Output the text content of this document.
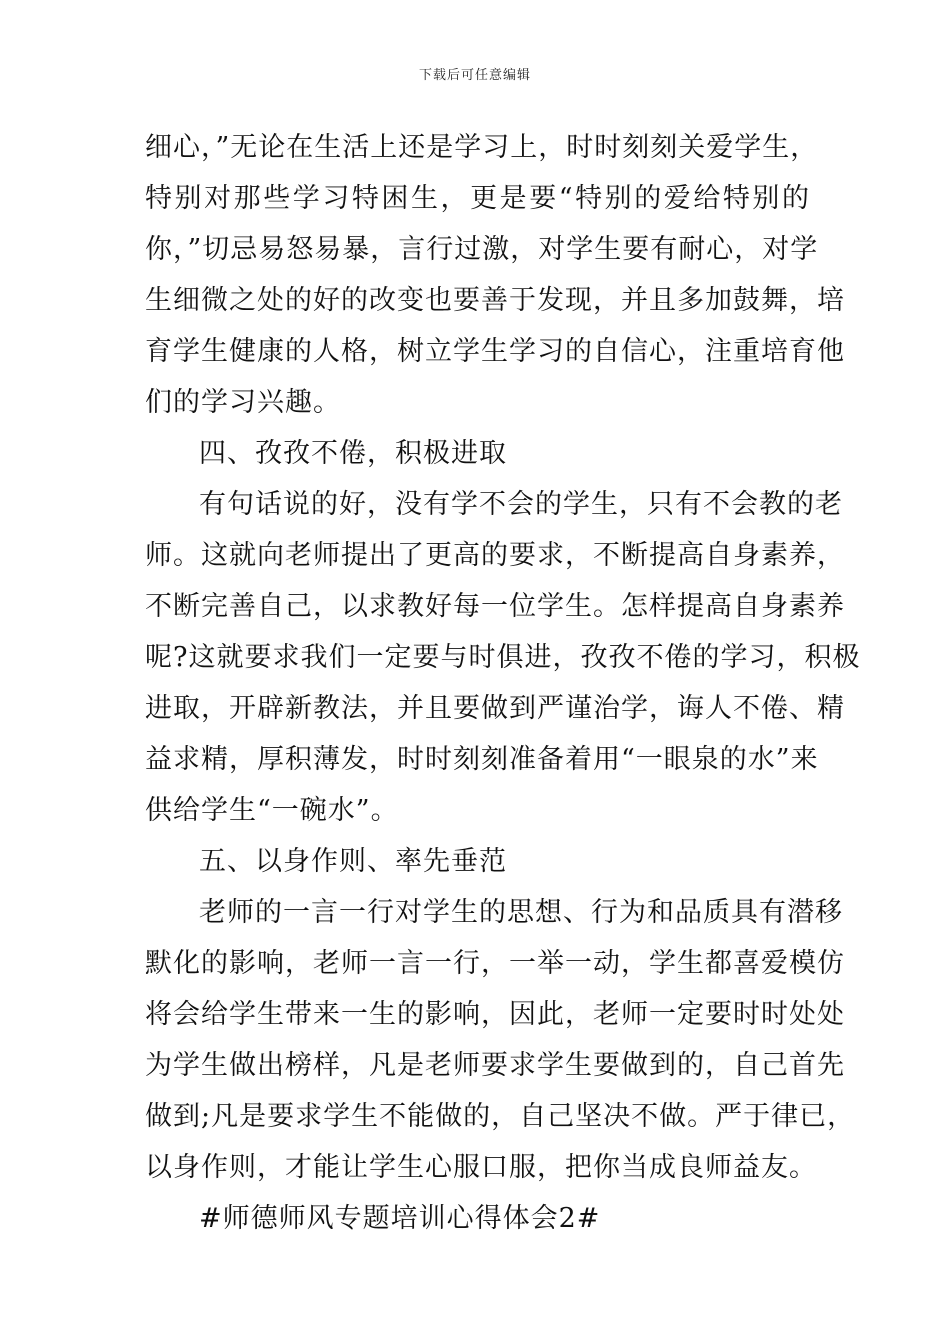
下载后可任意编辑
细心，”无论在生活上还是学习上，时时刻刻关爱学生，
特别对那些学习特困生，更是要“特别的爱给特别的
你，”切忌易怒易暴，言行过激，对学生要有耐心，对学
生细微之处的好的改变也要善于发现，并且多加鼓舞，培
育学生健康的人格，树立学生学习的自信心，注重培育他
们的学习兴趣。
四、孜孜不倦，积极进取
有句话说的好，没有学不会的学生，只有不会教的老
师。这就向老师提出了更高的要求，不断提高自身素养，
不断完善自己，以求教好每一位学生。怎样提高自身素养
呢?这就要求我们一定要与时俱进，孜孜不倦的学习，积极
进取，开辟新教法，并且要做到严谨治学，诲人不倦、精
益求精，厚积薄发，时时刻刻准备着用“一眼泉的水”来
供给学生“一碗水”。
五、以身作则、率先垂范
老师的一言一行对学生的思想、行为和品质具有潜移
默化的影响，老师一言一行，一举一动，学生都喜爱模仿
将会给学生带来一生的影响，因此，老师一定要时时处处
为学生做出榜样，凡是老师要求学生要做到的，自己首先
做到;凡是要求学生不能做的，自己坚决不做。严于律已，
以身作则，才能让学生心服口服，把你当成良师益友。
#师德师风专题培训心得体会2#
